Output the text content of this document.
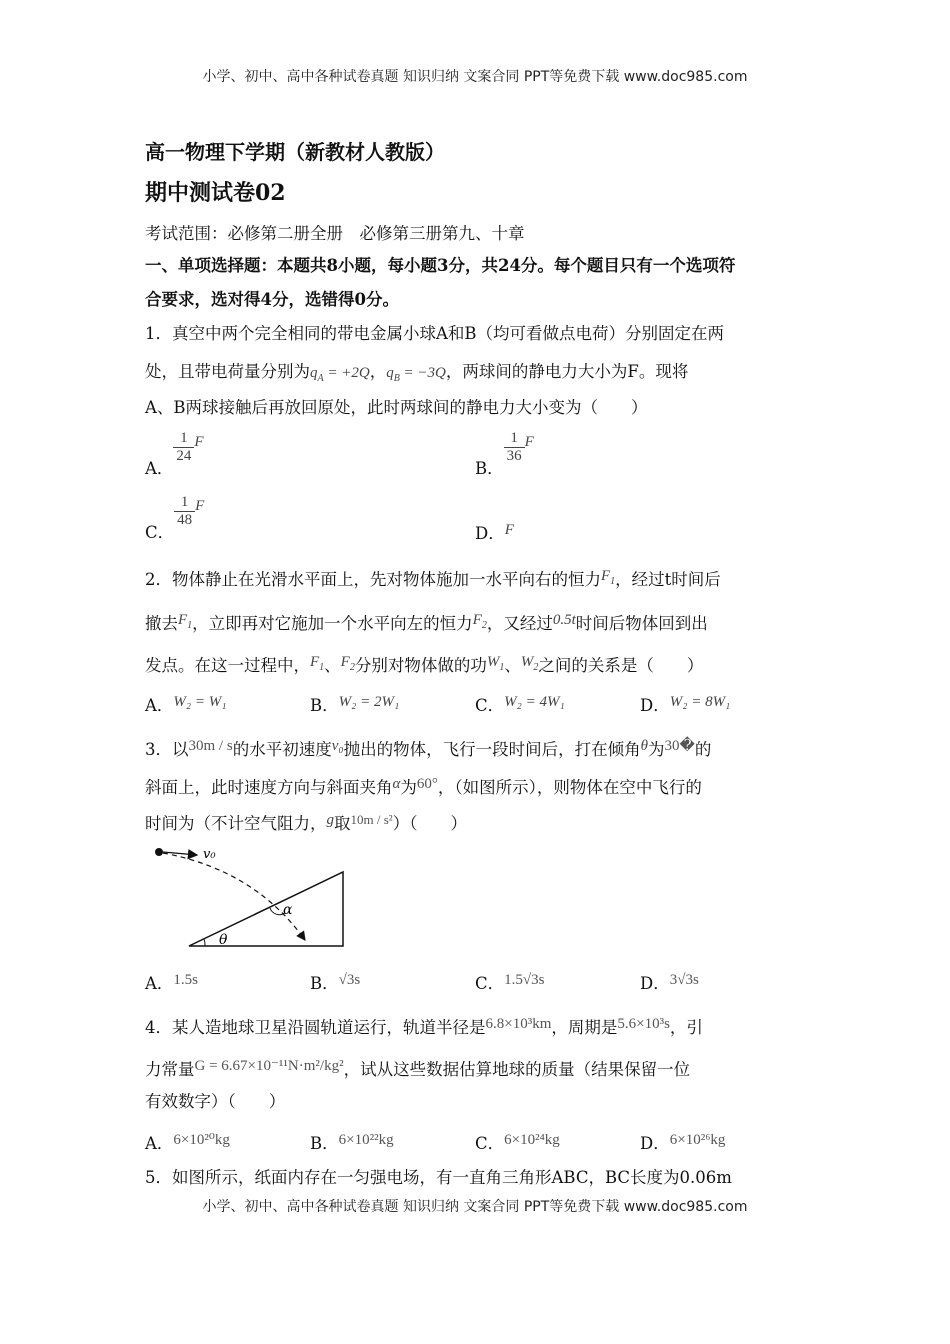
小学、初中、高中各种试卷真题 知识归纳 文案合同 PPT等免费下载 www.doc985.com
高一物理下学期（新教材人教版）
期中测试卷02
考试范围：必修第二册全册　必修第三册第九、十章
一、单项选择题：本题共8小题，每小题3分，共24分。每个题目只有一个选项符
合要求，选对得4分，选错得0分。
1．真空中两个完全相同的带电金属小球A和B（均可看做点电荷）分别固定在两
处，且带电荷量分别为$q_A = +2Q$，$q_B = -3Q$，两球间的静电力大小为F。现将
A、B两球接触后再放回原处，此时两球间的静电力大小变为（　　）
A．
$\frac{1}{24}$ F
B．
$\frac{1}{36}$ F
C．
$\frac{1}{48}$ F
D．F
2．物体静止在光滑水平面上，先对物体施加一水平向右的恒力$F_1$，经过t时间后
撤去$F_1$，立即再对它施加一个水平向左的恒力$F_2$，又经过0.5t时间后物体回到出
发点。在这一过程中，$F_1$、$F_2$分别对物体做的功$W_1$、$W_2$之间的关系是（　　）
A．W₂ = W₁	B．W₂ = 2W₁	C．W₂ = 4W₁	D．W₂ = 8W₁
3．以30m / s的水平初速度v₀抛出的物体，飞行一段时间后，打在倾角θ为30�的
斜面上，此时速度方向与斜面夹角α为60°，（如图所示），则物体在空中飞行的
时间为（不计空气阻力，g取$^{10m / s^2}$）（　　）
θ
α
v₀
A．1.5s	B．√3s	C．1.5√3s	D．3√3s
4．某人造地球卫星沿圆轨道运行，轨道半径是6.8×10³km，周期是5.6×10³s，引
力常量G = 6.67×10⁻¹¹N·m²/kg²，试从这些数据估算地球的质量（结果保留一位
有效数字）（　　）
A．6×10²⁰kg	B．6×10²²kg	C．6×10²⁴kg	D．6×10²⁶kg
5．如图所示，纸面内存在一匀强电场，有一直角三角形ABC，BC长度为0.06m
小学、初中、高中各种试卷真题 知识归纳 文案合同 PPT等免费下载 www.doc985.com
